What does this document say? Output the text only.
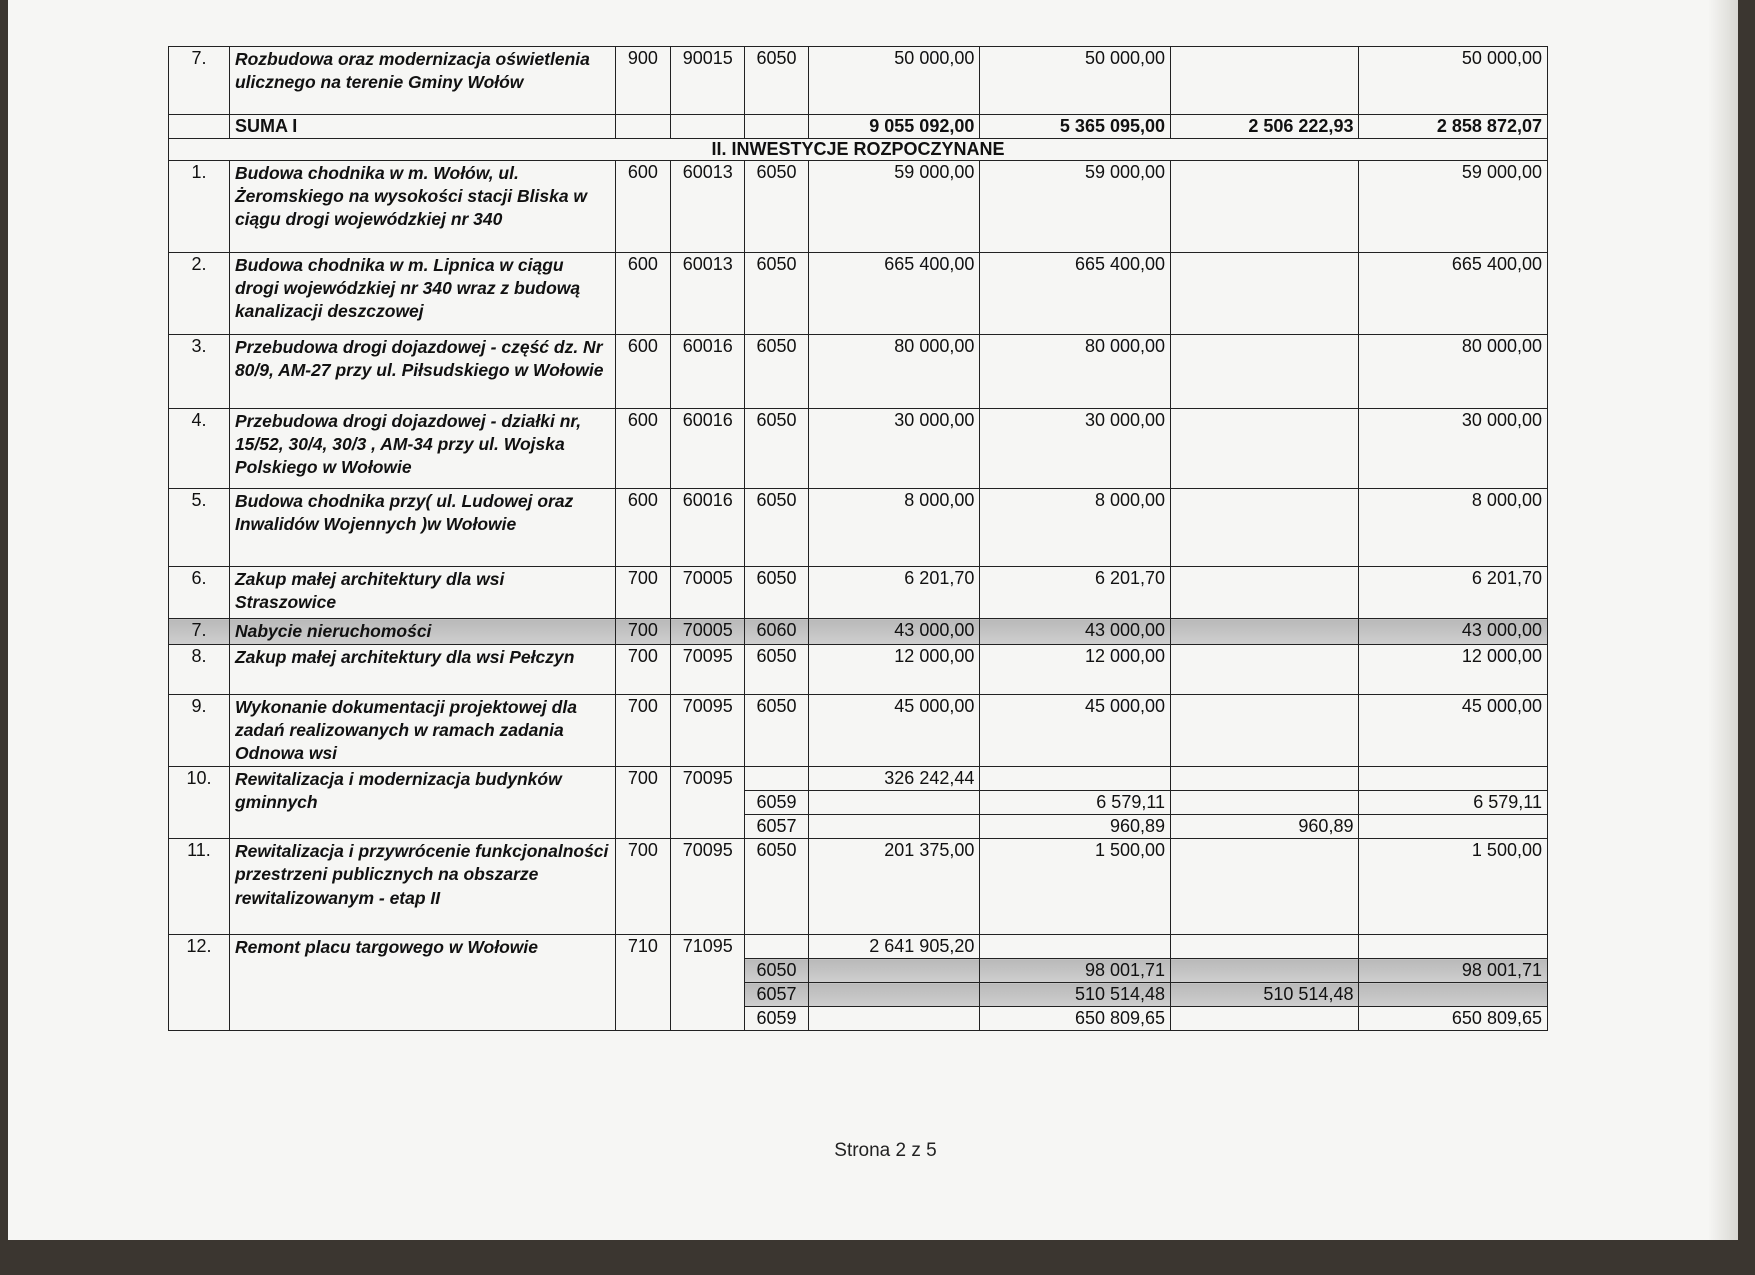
7.	Rozbudowa oraz modernizacja oświetlenia ulicznego na terenie Gminy Wołów	900	90015	6050	50 000,00	50 000,00		50 000,00
	SUMA I				9 055 092,00	5 365 095,00	2 506 222,93	2 858 872,07
II. INWESTYCJE ROZPOCZYNANE								
1.	Budowa chodnika w m. Wołów, ul. Żeromskiego na wysokości stacji Bliska w ciągu drogi wojewódzkiej nr 340	600	60013	6050	59 000,00	59 000,00		59 000,00
2.	Budowa chodnika w m. Lipnica w ciągu drogi wojewódzkiej nr 340 wraz z budową kanalizacji deszczowej	600	60013	6050	665 400,00	665 400,00		665 400,00
3.	Przebudowa drogi dojazdowej - część dz. Nr 80/9, AM-27 przy ul. Piłsudskiego w Wołowie	600	60016	6050	80 000,00	80 000,00		80 000,00
4.	Przebudowa drogi dojazdowej - działki nr, 15/52, 30/4, 30/3 , AM-34 przy ul. Wojska Polskiego w Wołowie	600	60016	6050	30 000,00	30 000,00		30 000,00
5.	Budowa chodnika przy( ul. Ludowej oraz Inwalidów Wojennych )w Wołowie	600	60016	6050	8 000,00	8 000,00		8 000,00
6.	Zakup małej architektury dla wsi Straszowice	700	70005	6050	6 201,70	6 201,70		6 201,70
7.	Nabycie nieruchomości	700	70005	6060	43 000,00	43 000,00		43 000,00
8.	Zakup małej architektury dla wsi Pełczyn	700	70095	6050	12 000,00	12 000,00		12 000,00
9.	Wykonanie dokumentacji projektowej dla zadań realizowanych w ramach zadania Odnowa wsi	700	70095	6050	45 000,00	45 000,00		45 000,00
10.	Rewitalizacja i modernizacja budynków gminnych	700	70095		326 242,44			
				6059		6 579,11		6 579,11
				6057		960,89	960,89	
11.	Rewitalizacja i przywrócenie funkcjonalności przestrzeni publicznych na obszarze rewitalizowanym - etap II	700	70095	6050	201 375,00	1 500,00		1 500,00
12.	Remont placu targowego w Wołowie	710	71095		2 641 905,20			
				6050		98 001,71		98 001,71
				6057		510 514,48	510 514,48	
				6059		650 809,65		650 809,65
Strona 2 z 5
